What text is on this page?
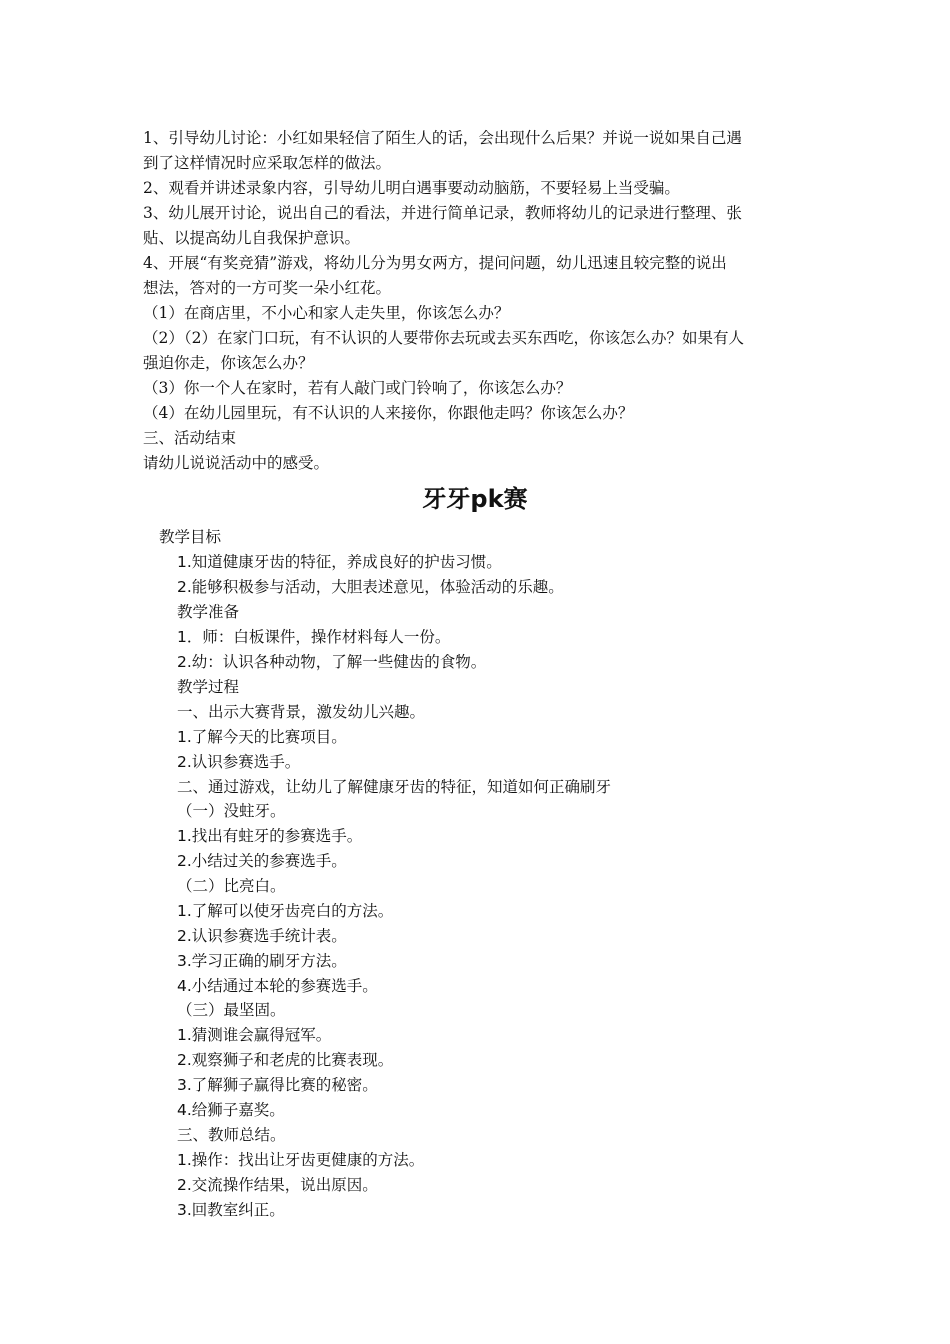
1、引导幼儿讨论：小红如果轻信了陌生人的话，会出现什么后果？并说一说如果自己遇
到了这样情况时应采取怎样的做法。
2、观看并讲述录象内容，引导幼儿明白遇事要动动脑筋，不要轻易上当受骗。
3、幼儿展开讨论，说出自己的看法，并进行简单记录，教师将幼儿的记录进行整理、张
贴、以提高幼儿自我保护意识。
4、开展“有奖竞猜”游戏，将幼儿分为男女两方，提问问题，幼儿迅速且较完整的说出
想法，答对的一方可奖一朵小红花。
（1）在商店里，不小心和家人走失里，你该怎么办？
（2）（2）在家门口玩，有不认识的人要带你去玩或去买东西吃，你该怎么办？如果有人
强迫你走，你该怎么办？
（3）你一个人在家时，若有人敲门或门铃响了，你该怎么办？
（4）在幼儿园里玩，有不认识的人来接你，你跟他走吗？你该怎么办？
三、活动结束
请幼儿说说活动中的感受。
牙牙pk赛
教学目标
1.知道健康牙齿的特征，养成良好的护齿习惯。
2.能够积极参与活动，大胆表述意见，体验活动的乐趣。
教学准备
1．师：白板课件，操作材料每人一份。
2.幼：认识各种动物，了解一些健齿的食物。
教学过程
一、出示大赛背景，激发幼儿兴趣。
1.了解今天的比赛项目。
2.认识参赛选手。
二、通过游戏，让幼儿了解健康牙齿的特征，知道如何正确刷牙
（一）没蛀牙。
1.找出有蛀牙的参赛选手。
2.小结过关的参赛选手。
（二）比亮白。
1.了解可以使牙齿亮白的方法。
2.认识参赛选手统计表。
3.学习正确的刷牙方法。
4.小结通过本轮的参赛选手。
（三）最坚固。
1.猜测谁会赢得冠军。
2.观察狮子和老虎的比赛表现。
3.了解狮子赢得比赛的秘密。
4.给狮子嘉奖。
三、教师总结。
1.操作：找出让牙齿更健康的方法。
2.交流操作结果，说出原因。
3.回教室纠正。
